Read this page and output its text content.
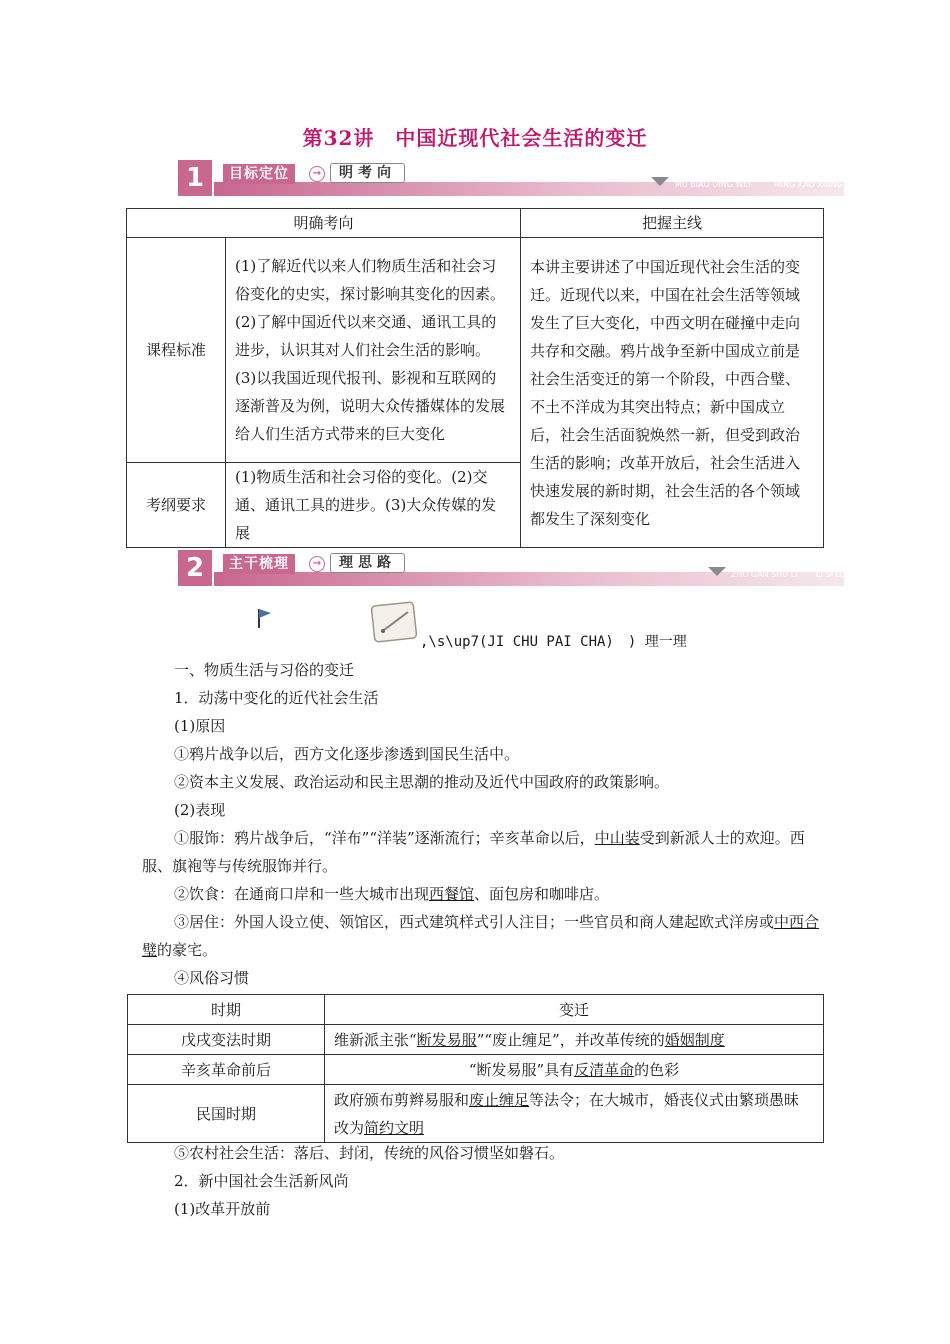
第32讲　中国近现代社会生活的变迁
1	目标定位	→	明考向
MU BIAO DING WEI	MING KAO XIANG
明确考向		把握主线
课程标准	(1)了解近代以来人们物质生活和社会习俗变化的史实，探讨影响其变化的因素。(2)了解中国近代以来交通、通讯工具的进步，认识其对人们社会生活的影响。(3)以我国近现代报刊、影视和互联网的逐渐普及为例，说明大众传播媒体的发展给人们生活方式带来的巨大变化	本讲主要讲述了中国近现代社会生活的变迁。近现代以来，中国在社会生活等领域发生了巨大变化，中西文明在碰撞中走向共存和交融。鸦片战争至新中国成立前是社会生活变迁的第一个阶段，中西合璧、不土不洋成为其突出特点；新中国成立后，社会生活面貌焕然一新，但受到政治生活的影响；改革开放后，社会生活进入快速发展的新时期，社会生活的各个领域都发生了深刻变化
考纲要求	(1)物质生活和社会习俗的变化。(2)交通、通讯工具的进步。(3)大众传媒的发展	
2	主干梳理	→	理思路
ZHU GAN SHU LI LI SI LU
,\s\up7(JI CHU PAI CHA)　) 理一理
一、物质生活与习俗的变迁
1．动荡中变化的近代社会生活
(1)原因
①鸦片战争以后，西方文化逐步渗透到国民生活中。
②资本主义发展、政治运动和民主思潮的推动及近代中国政府的政策影响。
(2)表现
①服饰：鸦片战争后，“洋布”“洋装”逐渐流行；辛亥革命以后，中山装受到新派人士的欢迎。西服、旗袍等与传统服饰并行。
②饮食：在通商口岸和一些大城市出现西餐馆、面包房和咖啡店。
③居住：外国人设立使、领馆区，西式建筑样式引人注目；一些官员和商人建起欧式洋房或中西合璧的豪宅。
④风俗习惯
时期	变迁
戊戌变法时期	维新派主张“断发易服”“废止缠足”，并改革传统的婚姻制度
辛亥革命前后	“断发易服”具有反清革命的色彩
民国时期	政府颁布剪辫易服和废止缠足等法令；在大城市，婚丧仪式由繁琐愚昧改为简约文明
⑤农村社会生活：落后、封闭，传统的风俗习惯坚如磐石。
2．新中国社会生活新风尚
(1)改革开放前
